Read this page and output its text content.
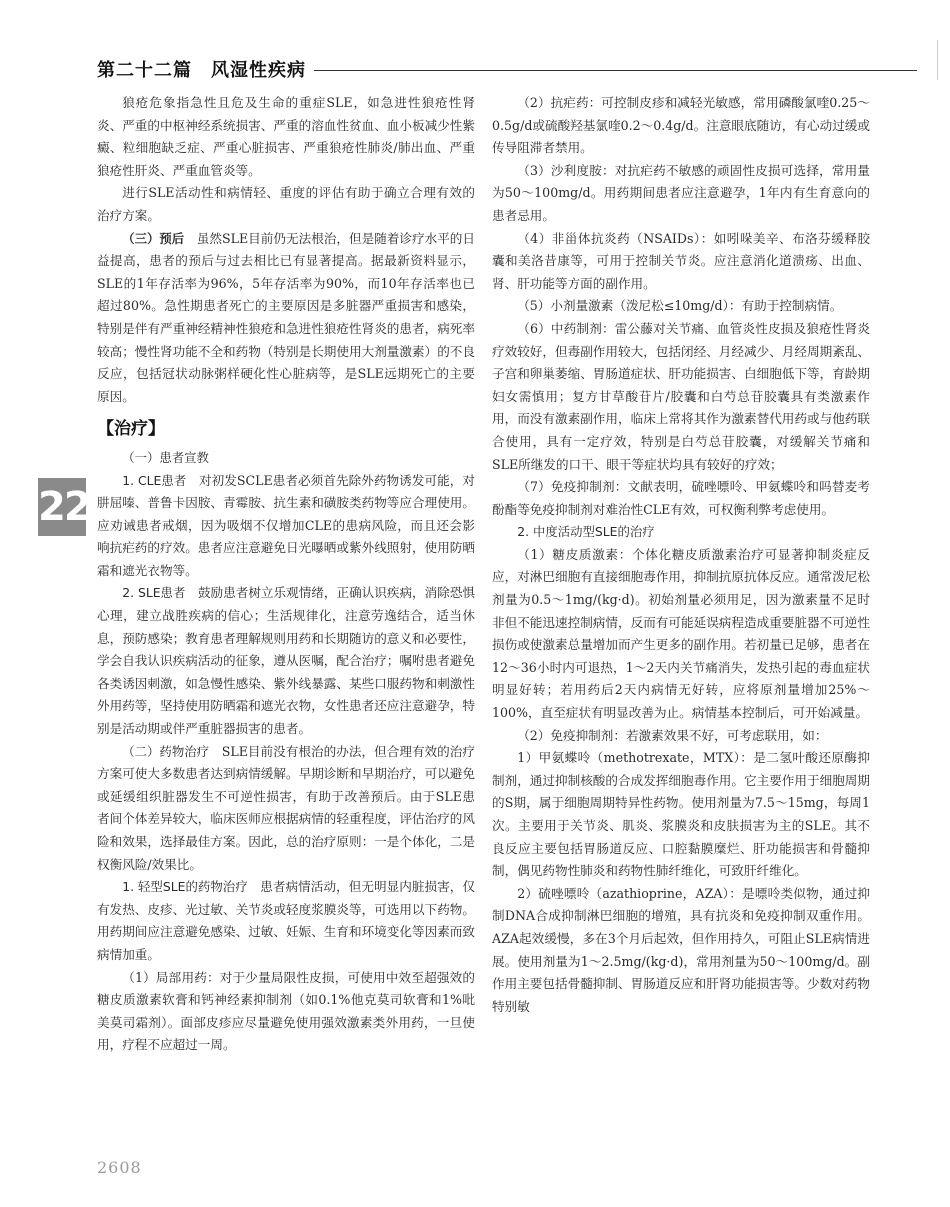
第二十二篇　风湿性疾病
22

狼疮危象指急性且危及生命的重症SLE，如急进性狼疮性肾炎、严重的中枢神经系统损害、严重的溶血性贫血、血小板减少性紫癜、粒细胞缺乏症、严重心脏损害、严重狼疮性肺炎/肺出血、严重狼疮性肝炎、严重血管炎等。

进行SLE活动性和病情轻、重度的评估有助于确立合理有效的治疗方案。

（三）预后　虽然SLE目前仍无法根治，但是随着诊疗水平的日益提高，患者的预后与过去相比已有显著提高。据最新资料显示，SLE的1年存活率为96%，5年存活率为90%，而10年存活率也已超过80%。急性期患者死亡的主要原因是多脏器严重损害和感染，特别是伴有严重神经精神性狼疮和急进性狼疮性肾炎的患者，病死率较高；慢性肾功能不全和药物（特别是长期使用大剂量激素）的不良反应，包括冠状动脉粥样硬化性心脏病等，是SLE远期死亡的主要原因。

【治疗】

（一）患者宣教

1. CLE患者　对初发SCLE患者必须首先除外药物诱发可能，对肼屈嗪、普鲁卡因胺、青霉胺、抗生素和磺胺类药物等应合理使用。应劝诫患者戒烟，因为吸烟不仅增加CLE的患病风险，而且还会影响抗疟药的疗效。患者应注意避免日光曝晒或紫外线照射，使用防晒霜和遮光衣物等。

2. SLE患者　鼓励患者树立乐观情绪，正确认识疾病，消除恐惧心理，建立战胜疾病的信心；生活规律化，注意劳逸结合，适当休息，预防感染；教育患者理解规则用药和长期随访的意义和必要性，学会自我认识疾病活动的征象，遵从医嘱，配合治疗；嘱咐患者避免各类诱因刺激，如急慢性感染、紫外线暴露、某些口服药物和刺激性外用药等，坚持使用防晒霜和遮光衣物，女性患者还应注意避孕，特别是活动期或伴严重脏器损害的患者。

（二）药物治疗　SLE目前没有根治的办法，但合理有效的治疗方案可使大多数患者达到病情缓解。早期诊断和早期治疗，可以避免或延缓组织脏器发生不可逆性损害，有助于改善预后。由于SLE患者间个体差异较大，临床医师应根据病情的轻重程度，评估治疗的风险和效果，选择最佳方案。因此，总的治疗原则：一是个体化，二是权衡风险/效果比。

1. 轻型SLE的药物治疗　患者病情活动，但无明显内脏损害，仅有发热、皮疹、光过敏、关节炎或轻度浆膜炎等，可选用以下药物。用药期间应注意避免感染、过敏、妊娠、生育和环境变化等因素而致病情加重。

（1）局部用药：对于少量局限性皮损，可使用中效至超强效的糖皮质激素软膏和钙神经素抑制剂（如0.1%他克莫司软膏和1%吡美莫司霜剂）。面部皮疹应尽量避免使用强效激素类外用药，一旦使用，疗程不应超过一周。

（2）抗疟药：可控制皮疹和减轻光敏感，常用磷酸氯喹0.25～0.5g/d或硫酸羟基氯喹0.2～0.4g/d。注意眼底随访，有心动过缓或传导阻滞者禁用。

（3）沙利度胺：对抗疟药不敏感的顽固性皮损可选择，常用量为50～100mg/d。用药期间患者应注意避孕，1年内有生育意向的患者忌用。

（4）非甾体抗炎药（NSAIDs）：如吲哚美辛、布洛芬缓释胶囊和美洛昔康等，可用于控制关节炎。应注意消化道溃疡、出血、肾、肝功能等方面的副作用。

（5）小剂量激素（泼尼松≤10mg/d）：有助于控制病情。

（6）中药制剂：雷公藤对关节痛、血管炎性皮损及狼疮性肾炎疗效较好，但毒副作用较大，包括闭经、月经减少、月经周期紊乱、子宫和卵巢萎缩、胃肠道症状、肝功能损害、白细胞低下等，育龄期妇女需慎用；复方甘草酸苷片/胶囊和白芍总苷胶囊具有类激素作用，而没有激素副作用，临床上常将其作为激素替代用药或与他药联合使用，具有一定疗效，特别是白芍总苷胶囊，对缓解关节痛和SLE所继发的口干、眼干等症状均具有较好的疗效；

（7）免疫抑制剂：文献表明，硫唑嘌呤、甲氨蝶呤和吗替麦考酚酯等免疫抑制剂对难治性CLE有效，可权衡利弊考虑使用。

2. 中度活动型SLE的治疗

（1）糖皮质激素：个体化糖皮质激素治疗可显著抑制炎症反应，对淋巴细胞有直接细胞毒作用，抑制抗原抗体反应。通常泼尼松剂量为0.5～1mg/(kg·d)。初始剂量必须用足，因为激素量不足时非但不能迅速控制病情，反而有可能延误病程造成重要脏器不可逆性损伤或使激素总量增加而产生更多的副作用。若初量已足够，患者在12～36小时内可退热，1～2天内关节痛消失，发热引起的毒血症状明显好转；若用药后2天内病情无好转，应将原剂量增加25%～100%，直至症状有明显改善为止。病情基本控制后，可开始减量。

（2）免疫抑制剂：若激素效果不好，可考虑联用，如：

1）甲氨蝶呤（methotrexate，MTX）：是二氢叶酸还原酶抑制剂，通过抑制核酸的合成发挥细胞毒作用。它主要作用于细胞周期的S期，属于细胞周期特异性药物。使用剂量为7.5～15mg，每周1次。主要用于关节炎、肌炎、浆膜炎和皮肤损害为主的SLE。其不良反应主要包括胃肠道反应、口腔黏膜糜烂、肝功能损害和骨髓抑制，偶见药物性肺炎和药物性肺纤维化，可致肝纤维化。

2）硫唑嘌呤（azathioprine，AZA）：是嘌呤类似物，通过抑制DNA合成抑制淋巴细胞的增殖，具有抗炎和免疫抑制双重作用。AZA起效缓慢，多在3个月后起效，但作用持久，可阻止SLE病情进展。使用剂量为1～2.5mg/(kg·d)，常用剂量为50～100mg/d。副作用主要包括骨髓抑制、胃肠道反应和肝肾功能损害等。少数对药物特别敏

2608
